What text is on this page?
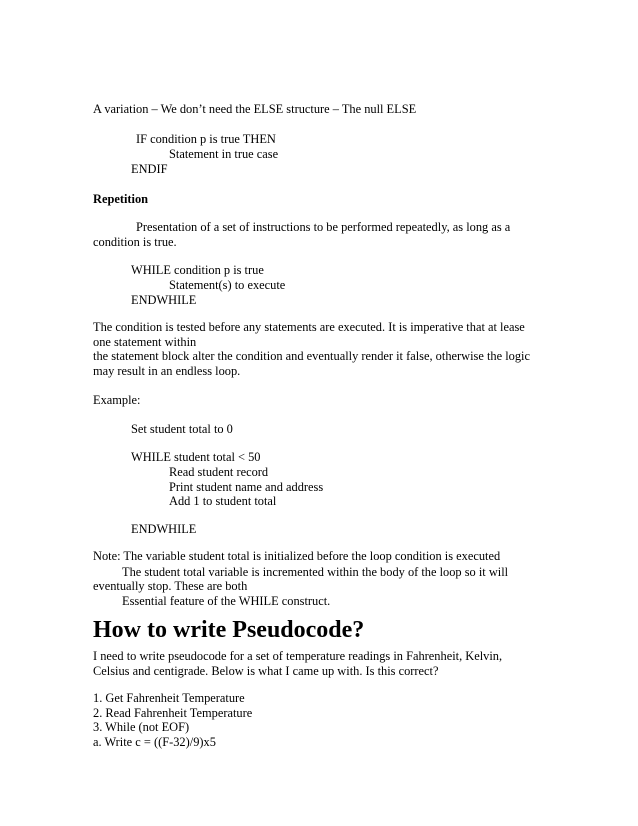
A variation – We don’t need the ELSE structure – The null ELSE
IF condition p is true THEN
Statement in true case
ENDIF
Repetition
Presentation of a set of instructions to be performed repeatedly, as long as a
condition is true.
WHILE condition p is true
Statement(s) to execute
ENDWHILE
The condition is tested before any statements are executed. It is imperative that at lease
one statement within
the statement block alter the condition and eventually render it false, otherwise the logic
may result in an endless loop.
Example:
Set student total to 0
WHILE student total < 50
Read student record
Print student name and address
Add 1 to student total
ENDWHILE
Note: The variable student total is initialized before the loop condition is executed
The student total variable is incremented within the body of the loop so it will
eventually stop. These are both
Essential feature of the WHILE construct.
How to write Pseudocode?
I need to write pseudocode for a set of temperature readings in Fahrenheit, Kelvin,
Celsius and centigrade. Below is what I came up with. Is this correct?
1. Get Fahrenheit Temperature
2. Read Fahrenheit Temperature
3. While (not EOF)
a. Write c = ((F-32)/9)x5
